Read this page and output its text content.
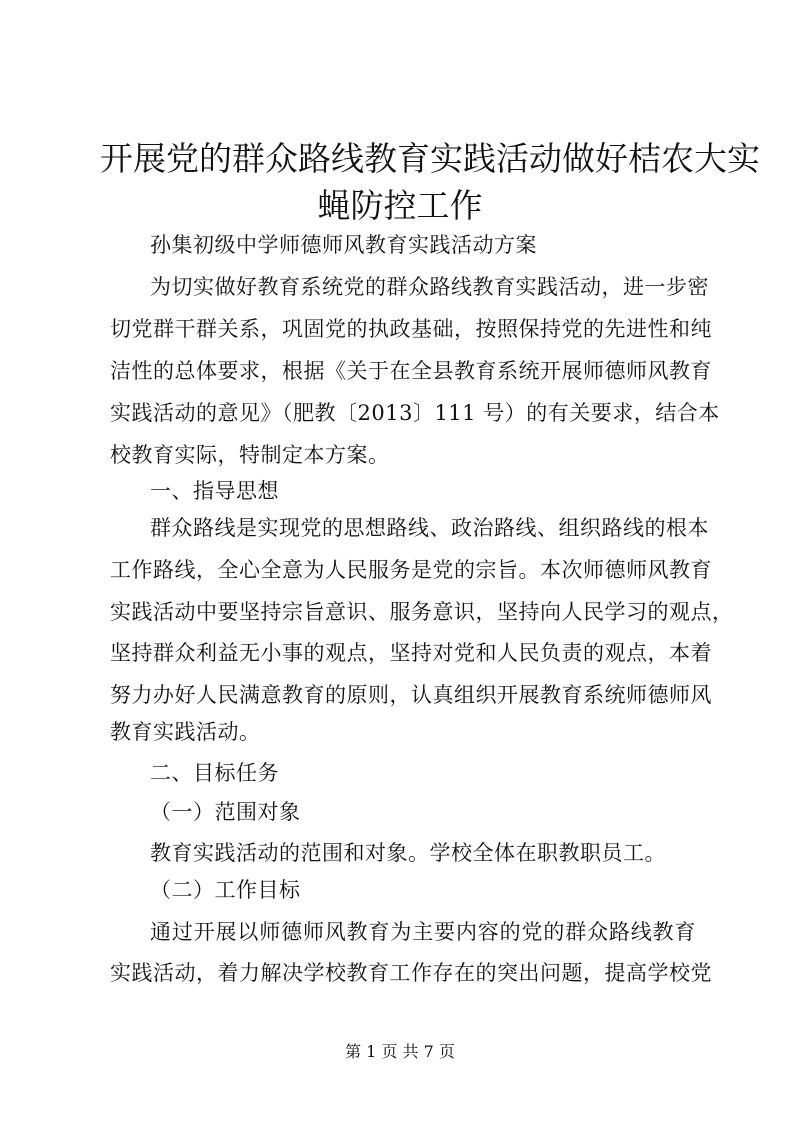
开展党的群众路线教育实践活动做好桔农大实
蝇防控工作
孙集初级中学师德师风教育实践活动方案
为切实做好教育系统党的群众路线教育实践活动，进一步密
切党群干群关系，巩固党的执政基础，按照保持党的先进性和纯
洁性的总体要求，根据《关于在全县教育系统开展师德师风教育
实践活动的意见》（肥教〔2013〕111 号）的有关要求，结合本
校教育实际，特制定本方案。
一、指导思想
群众路线是实现党的思想路线、政治路线、组织路线的根本
工作路线，全心全意为人民服务是党的宗旨。本次师德师风教育
实践活动中要坚持宗旨意识、服务意识，坚持向人民学习的观点，
坚持群众利益无小事的观点，坚持对党和人民负责的观点，本着
努力办好人民满意教育的原则，认真组织开展教育系统师德师风
教育实践活动。
二、目标任务
（一）范围对象
教育实践活动的范围和对象。学校全体在职教职员工。
（二）工作目标
通过开展以师德师风教育为主要内容的党的群众路线教育
实践活动，着力解决学校教育工作存在的突出问题，提高学校党
第 1 页 共 7 页
